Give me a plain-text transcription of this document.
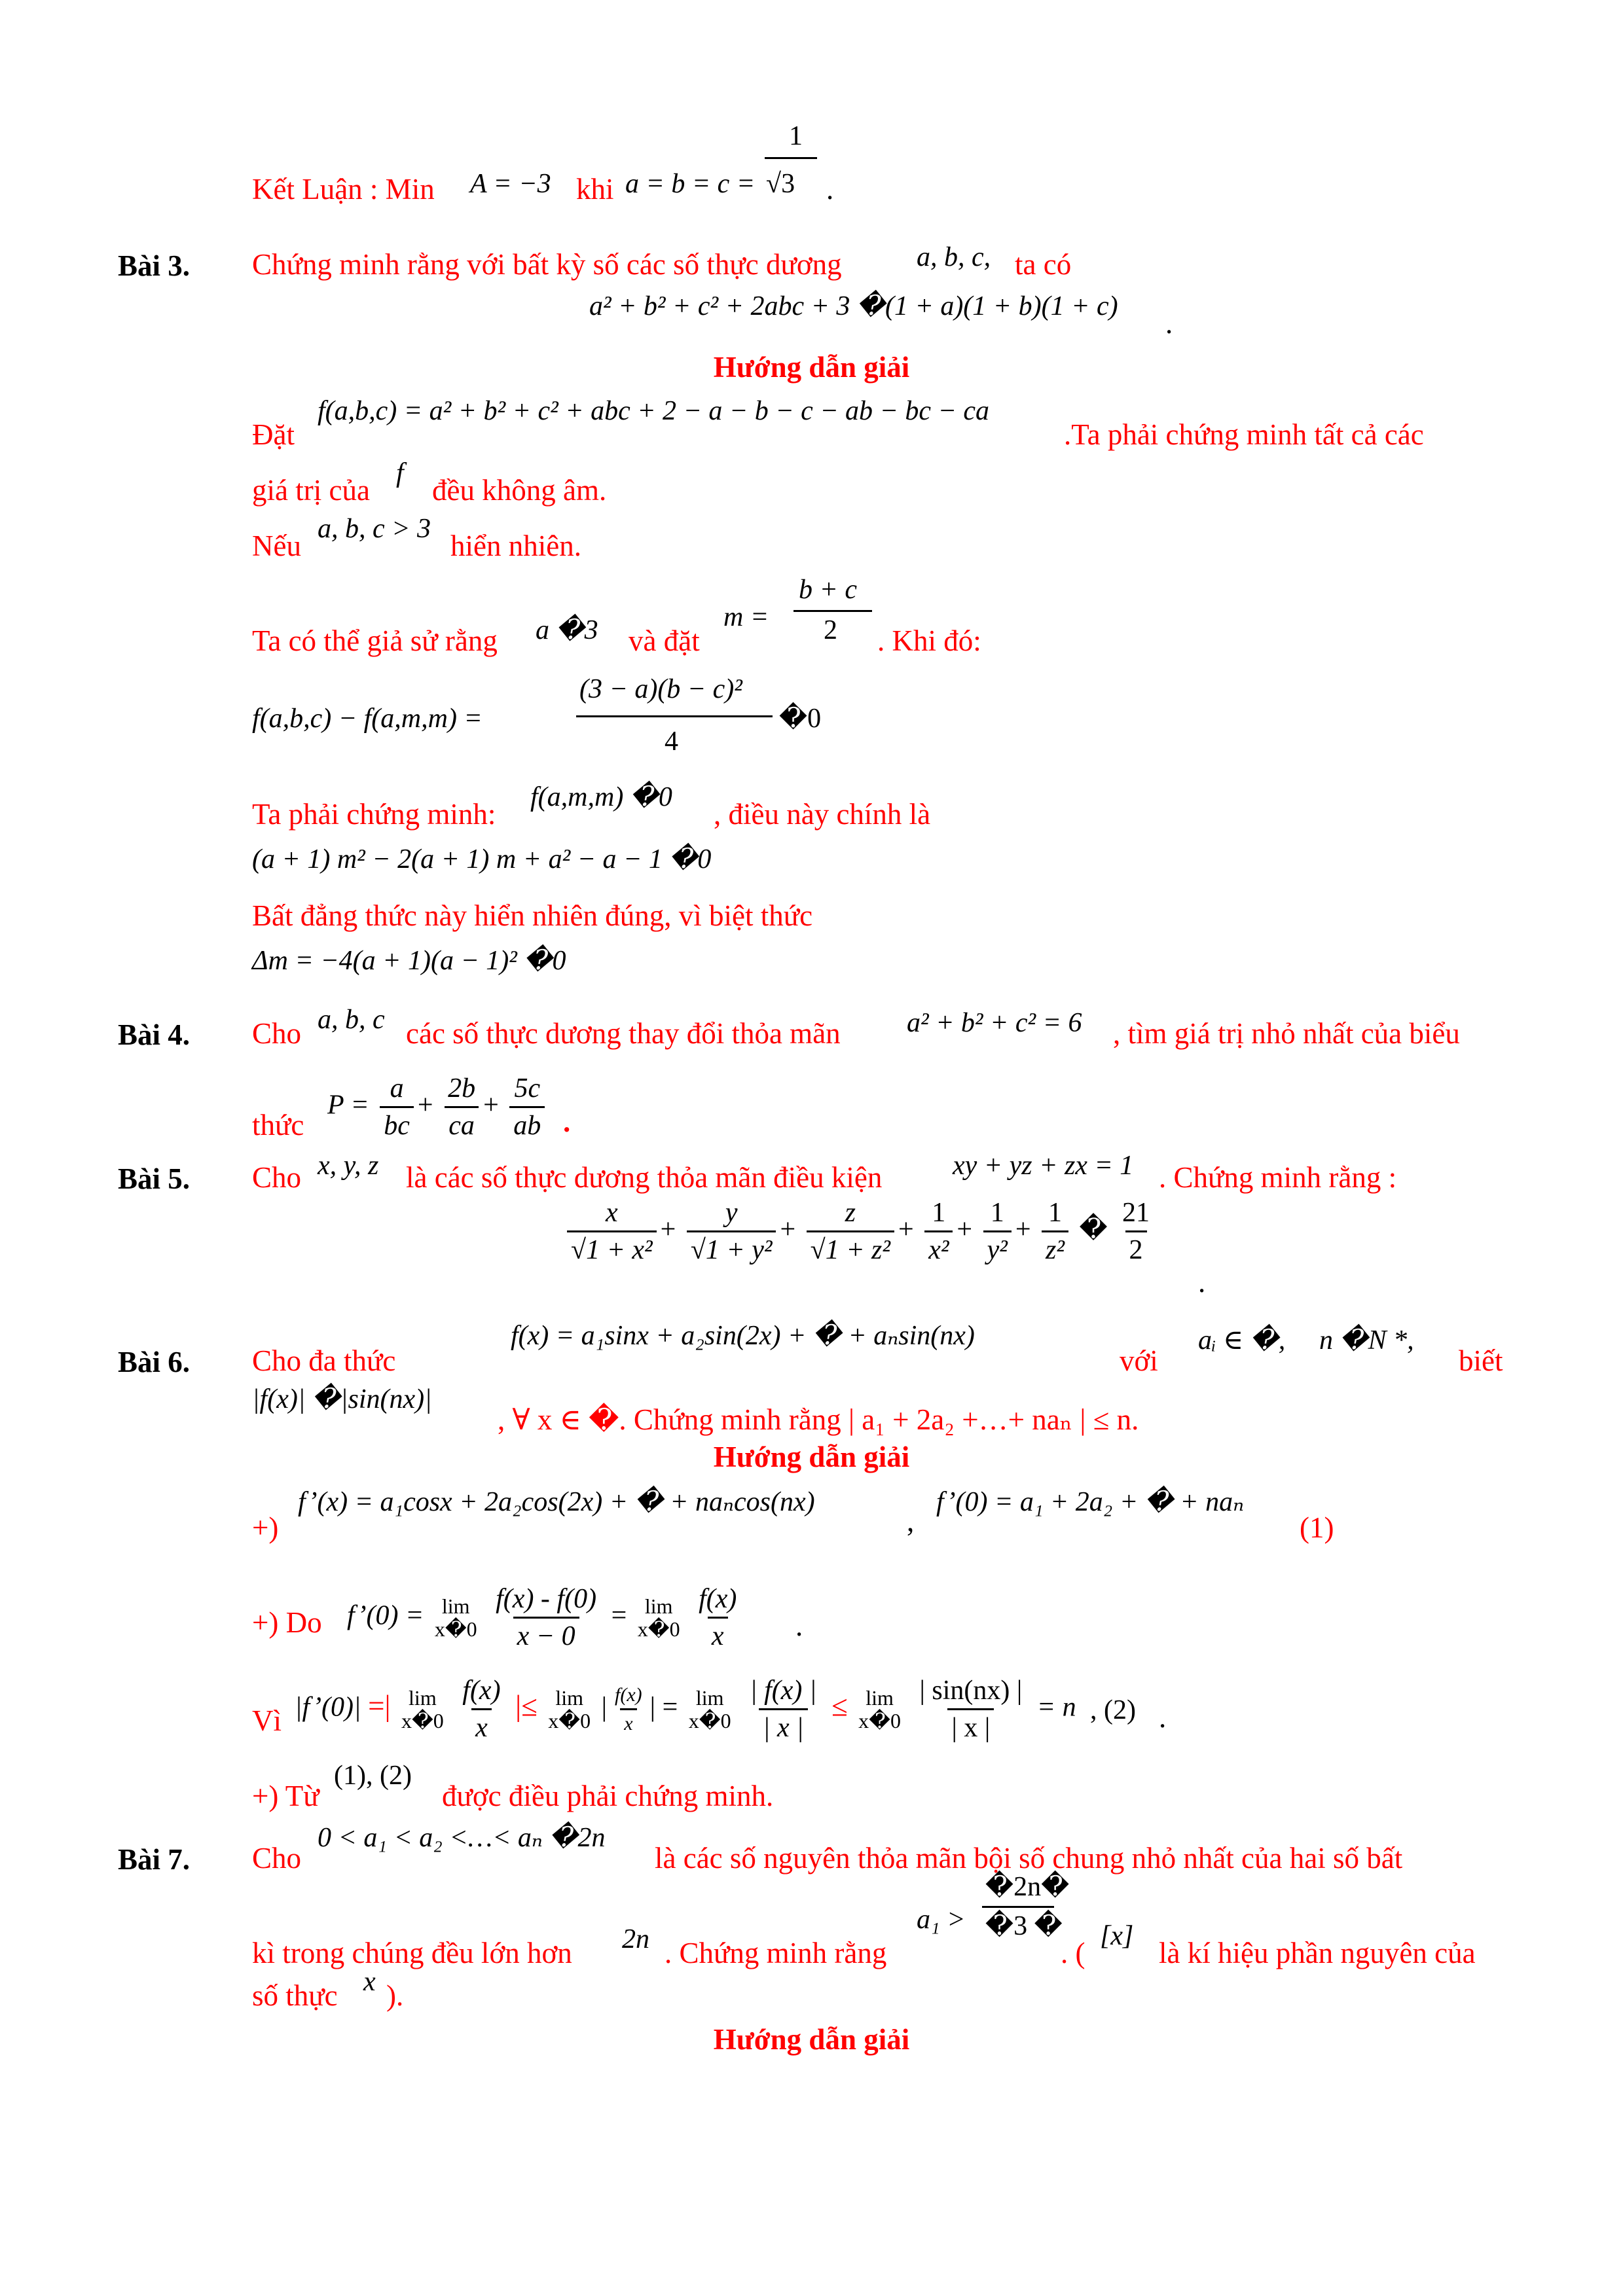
Kết Luận : Min A = −3 khi a = b = c =
1
√3 .
Bài 3. Chứng minh rằng với bất kỳ số các số thực dương	a, b, c, ta có
a² + b² + c² + 2abc + 3 �(1 + a)(1 + b)(1 + c)
.
Hướng dẫn giải
Đặt
f(a,b,c) = a² + b² + c² + abc + 2 − a − b − c − ab − bc − ca
.Ta phải chứng minh tất cả các
giá trị của
f
đều không âm.
Nếu
a, b, c > 3
hiển nhiên.
Ta có thể giả sử rằng a �3 và đặt
m =
b + c
2 . Khi đó:
f(a,b,c) − f(a,m,m) =
(3 − a)(b − c)²
4
�0
Ta phải chứng minh:
f(a,m,m) �0
, điều này chính là
(a + 1) m² − 2(a + 1) m + a² − a − 1 �0
Bất đẳng thức này hiển nhiên đúng, vì biệt thức
Δm = −4(a + 1)(a − 1)² �0
Bài 4. Cho a, b, c các số thực dương thay đổi thỏa mãn a² + b² + c² = 6 , tìm giá trị nhỏ nhất của biểu
thức
$P = \frac{a}{bc} + \frac{2b}{ca} + \frac{5c}{ab}$ .
Bài 5. Cho x, y, z là các số thực dương thỏa mãn điều kiện	xy + yz + zx = 1 . Chứng minh rằng :
$\frac{x}{\text{√1 + x²}} + \frac{y}{\text{√1 + y²}} + \frac{z}{\text{√1 + z²}} + \frac{1}{\text{x²}} + \frac{1}{\text{y²}} + \frac{1}{\text{z²}}$ � $\frac{21}{2}$
.
Bài 6. Cho đa thức
f(x) = a₁sinx + a₂sin(2x) + � + aₙsin(nx)
với
aᵢ ∈ �, n �N *,
biết
|f(x)| �|sin(nx)|
, ∀ x ∈ �. Chứng minh rằng | a₁ + 2a₂ +…+ naₙ | ≤ n.
Hướng dẫn giải
+)
f’(x) = a₁cosx + 2a₂cos(2x) + � + naₙcos(nx)
,
f’(0) = a₁ + 2a₂ + � + naₙ
(1)
+) Do f’(0) = lim
x�0
$\frac{f(x) - f(0)}{x - 0} = \lim$
x�0
$\frac{f(x)}{x}$ .
Vì |f’(0)| =| lim
x�0
$\frac{f(x)}{x}$ |≤ lim
x�0 | $\frac{f(x)}{x}$ | = lim
x�0
$\frac{| f(x) |}{| x |} \le \lim$
x�0
$\frac{| \sin(nx) |}{| x |} = n$ , (2) .
+) Từ
(1), (2)
được điều phải chứng minh.
Bài 7. Cho
0 < a₁ < a₂ <…< aₙ �2n
là các số nguyên thỏa mãn bội số chung nhỏ nhất của hai số bất
kì trong chúng đều lớn hơn 2n . Chứng minh rằng
a₁ >
�2n�
�3 �
. (
[x]
là kí hiệu phần nguyên của
số thực x ).
Hướng dẫn giải
